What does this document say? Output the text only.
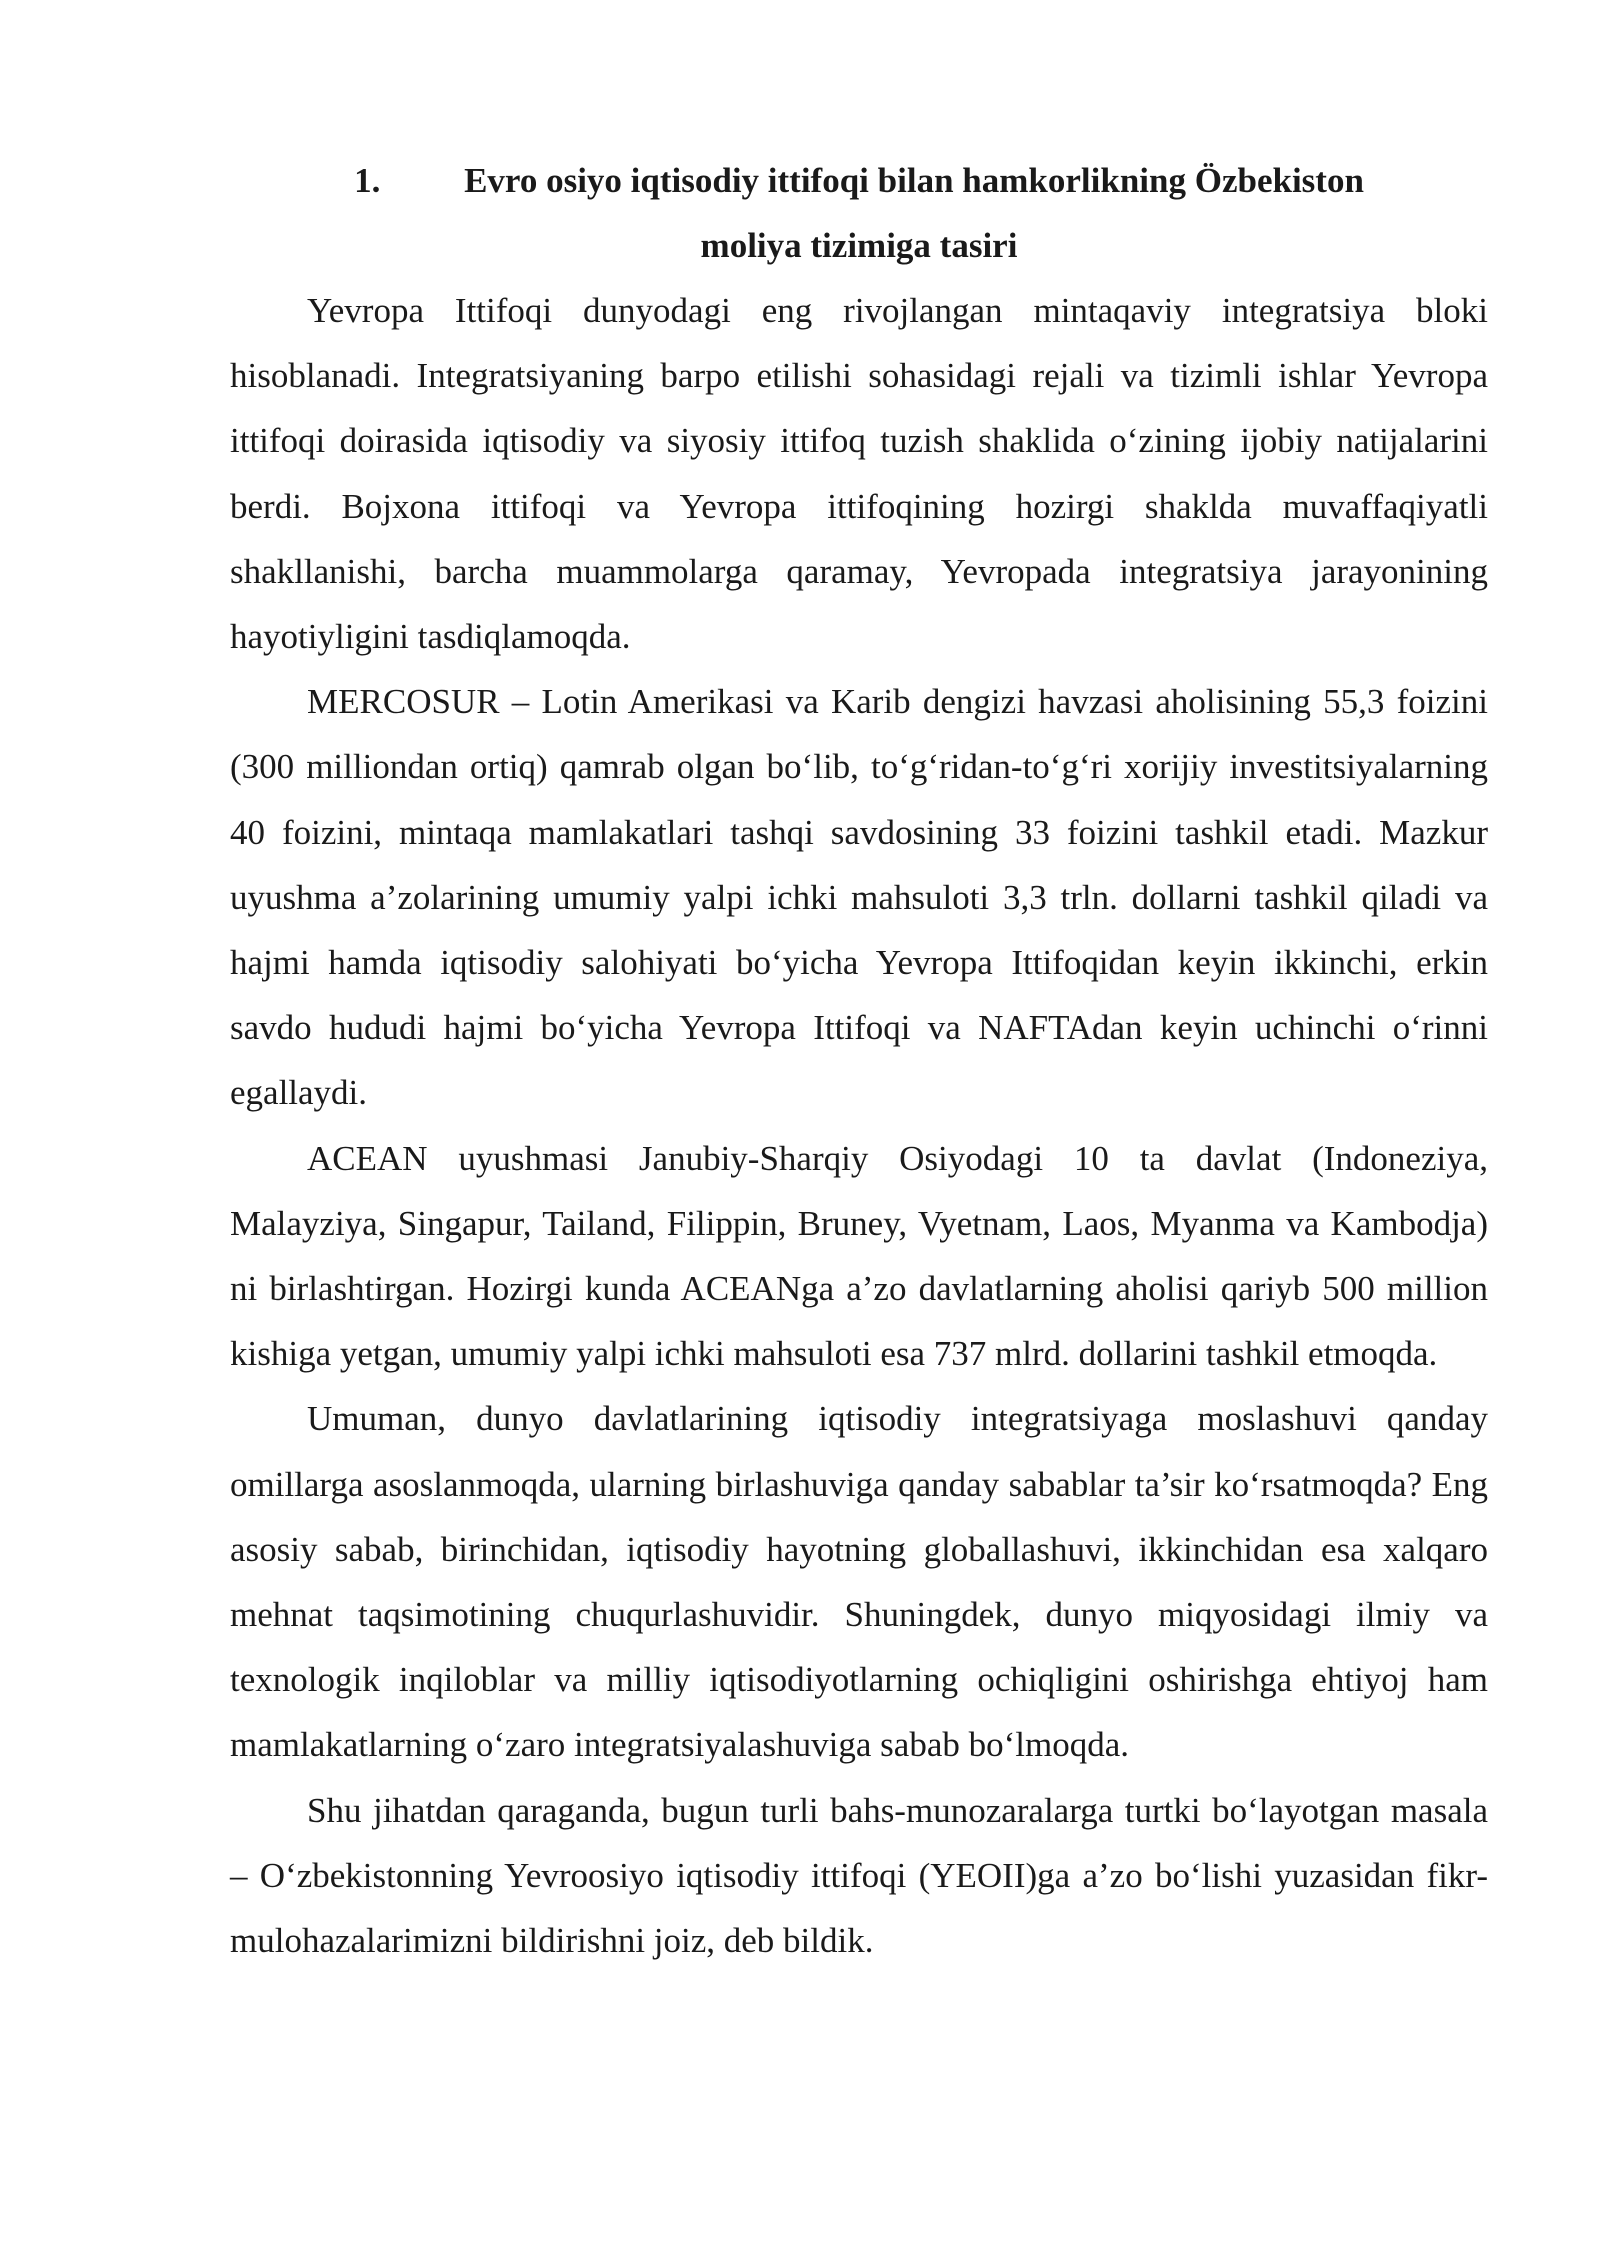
1. Evro osiyo iqtisodiy ittifoqi bilan hamkorlikning Özbekiston
moliya tizimiga tasiri

Yevropa Ittifoqi dunyodagi eng rivojlangan mintaqaviy integratsiya bloki hisoblanadi. Integratsiyaning barpo etilishi sohasidagi rejali va tizimli ishlar Yevropa ittifoqi doirasida iqtisodiy va siyosiy ittifoq tuzish shaklida o‘zining ijobiy natijalarini berdi. Bojxona ittifoqi va Yevropa ittifoqining hozirgi shaklda muvaffaqiyatli shakllanishi, barcha muammolarga qaramay, Yevropada integratsiya jarayonining hayotiyligini tasdiqlamoqda.

MERCOSUR – Lotin Amerikasi va Karib dengizi havzasi aholisining 55,3 foizini (300 milliondan ortiq) qamrab olgan bo‘lib, to‘g‘ridan-to‘g‘ri xorijiy investitsiyalarning 40 foizini, mintaqa mamlakatlari tashqi savdosining 33 foizini tashkil etadi. Mazkur uyushma a’zolarining umumiy yalpi ichki mahsuloti 3,3 trln. dollarni tashkil qiladi va hajmi hamda iqtisodiy salohiyati bo‘yicha Yevropa Ittifoqidan keyin ikkinchi, erkin savdo hududi hajmi bo‘yicha Yevropa Ittifoqi va NAFTAdan keyin uchinchi o‘rinni egallaydi.

ACEAN uyushmasi Janubiy-Sharqiy Osiyodagi 10 ta davlat (Indoneziya, Malayziya, Singapur, Tailand, Filippin, Bruney, Vyetnam, Laos, Myanma va Kambodja) ni birlashtirgan. Hozirgi kunda ACEANga a’zo davlatlarning aholisi qariyb 500 million kishiga yetgan, umumiy yalpi ichki mahsuloti esa 737 mlrd. dollarini tashkil etmoqda.

Umuman, dunyo davlatlarining iqtisodiy integratsiyaga moslashuvi qanday omillarga asoslanmoqda, ularning birlashuviga qanday sabablar ta’sir ko‘rsatmoqda? Eng asosiy sabab, birinchidan, iqtisodiy hayotning globallashuvi, ikkinchidan esa xalqaro mehnat taqsimotining chuqurlashuvidir. Shuningdek, dunyo miqyosidagi ilmiy va texnologik inqiloblar va milliy iqtisodiyotlarning ochiqligini oshirishga ehtiyoj ham mamlakatlarning o‘zaro integratsiyalashuviga sabab bo‘lmoqda.

Shu jihatdan qaraganda, bugun turli bahs-munozaralarga turtki bo‘layotgan masala – O‘zbekistonning Yevroosiyo iqtisodiy ittifoqi (YEOII)ga a’zo bo‘lishi yuzasidan fikr-mulohazalarimizni bildirishni joiz, deb bildik.
